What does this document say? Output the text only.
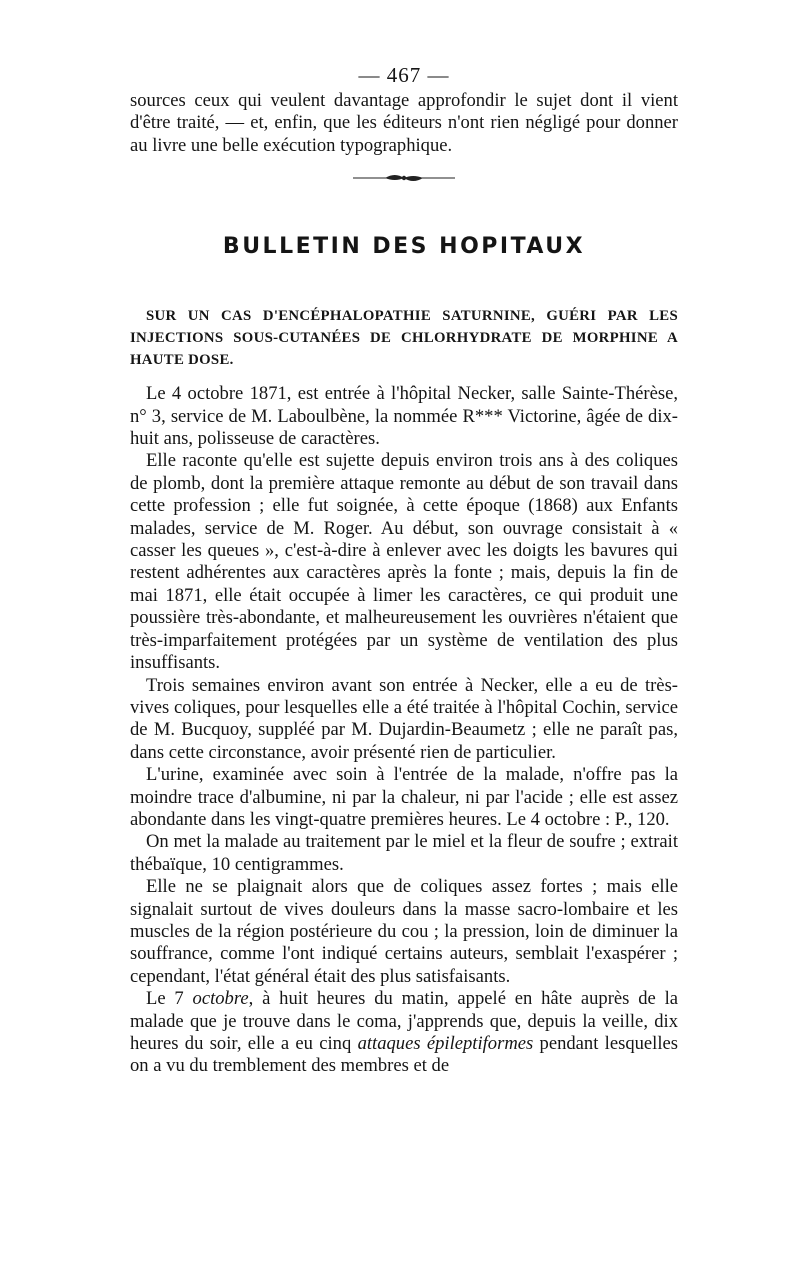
— 467 —

sources ceux qui veulent davantage approfondir le sujet dont il vient d'être traité, — et, enfin, que les éditeurs n'ont rien négligé pour donner au livre une belle exécution typographique.

BULLETIN DES HOPITAUX
SUR UN CAS D'ENCÉPHALOPATHIE SATURNINE, GUÉRI PAR LES INJECTIONS SOUS-CUTANÉES DE CHLORHYDRATE DE MORPHINE A HAUTE DOSE.

Le 4 octobre 1871, est entrée à l'hôpital Necker, salle Sainte-Thérèse, n° 3, service de M. Laboulbène, la nommée R*** Victorine, âgée de dix-huit ans, polisseuse de caractères.

Elle raconte qu'elle est sujette depuis environ trois ans à des coliques de plomb, dont la première attaque remonte au début de son travail dans cette profession ; elle fut soignée, à cette époque (1868) aux Enfants malades, service de M. Roger. Au début, son ouvrage consistait à « casser les queues », c'est-à-dire à enlever avec les doigts les bavures qui restent adhérentes aux caractères après la fonte ; mais, depuis la fin de mai 1871, elle était occupée à limer les caractères, ce qui produit une poussière très-abondante, et malheureusement les ouvrières n'étaient que très-imparfaitement protégées par un système de ventilation des plus insuffisants.

Trois semaines environ avant son entrée à Necker, elle a eu de très-vives coliques, pour lesquelles elle a été traitée à l'hôpital Cochin, service de M. Bucquoy, suppléé par M. Dujardin-Beaumetz ; elle ne paraît pas, dans cette circonstance, avoir présenté rien de particulier.

L'urine, examinée avec soin à l'entrée de la malade, n'offre pas la moindre trace d'albumine, ni par la chaleur, ni par l'acide ; elle est assez abondante dans les vingt-quatre premières heures. Le 4 octobre : P., 120.

On met la malade au traitement par le miel et la fleur de soufre ; extrait thébaïque, 10 centigrammes.

Elle ne se plaignait alors que de coliques assez fortes ; mais elle signalait surtout de vives douleurs dans la masse sacro-lombaire et les muscles de la région postérieure du cou ; la pression, loin de diminuer la souffrance, comme l'ont indiqué certains auteurs, semblait l'exaspérer ; cependant, l'état général était des plus satisfaisants.

Le 7 octobre, à huit heures du matin, appelé en hâte auprès de la malade que je trouve dans le coma, j'apprends que, depuis la veille, dix heures du soir, elle a eu cinq attaques épileptiformes pendant lesquelles on a vu du tremblement des membres et de
